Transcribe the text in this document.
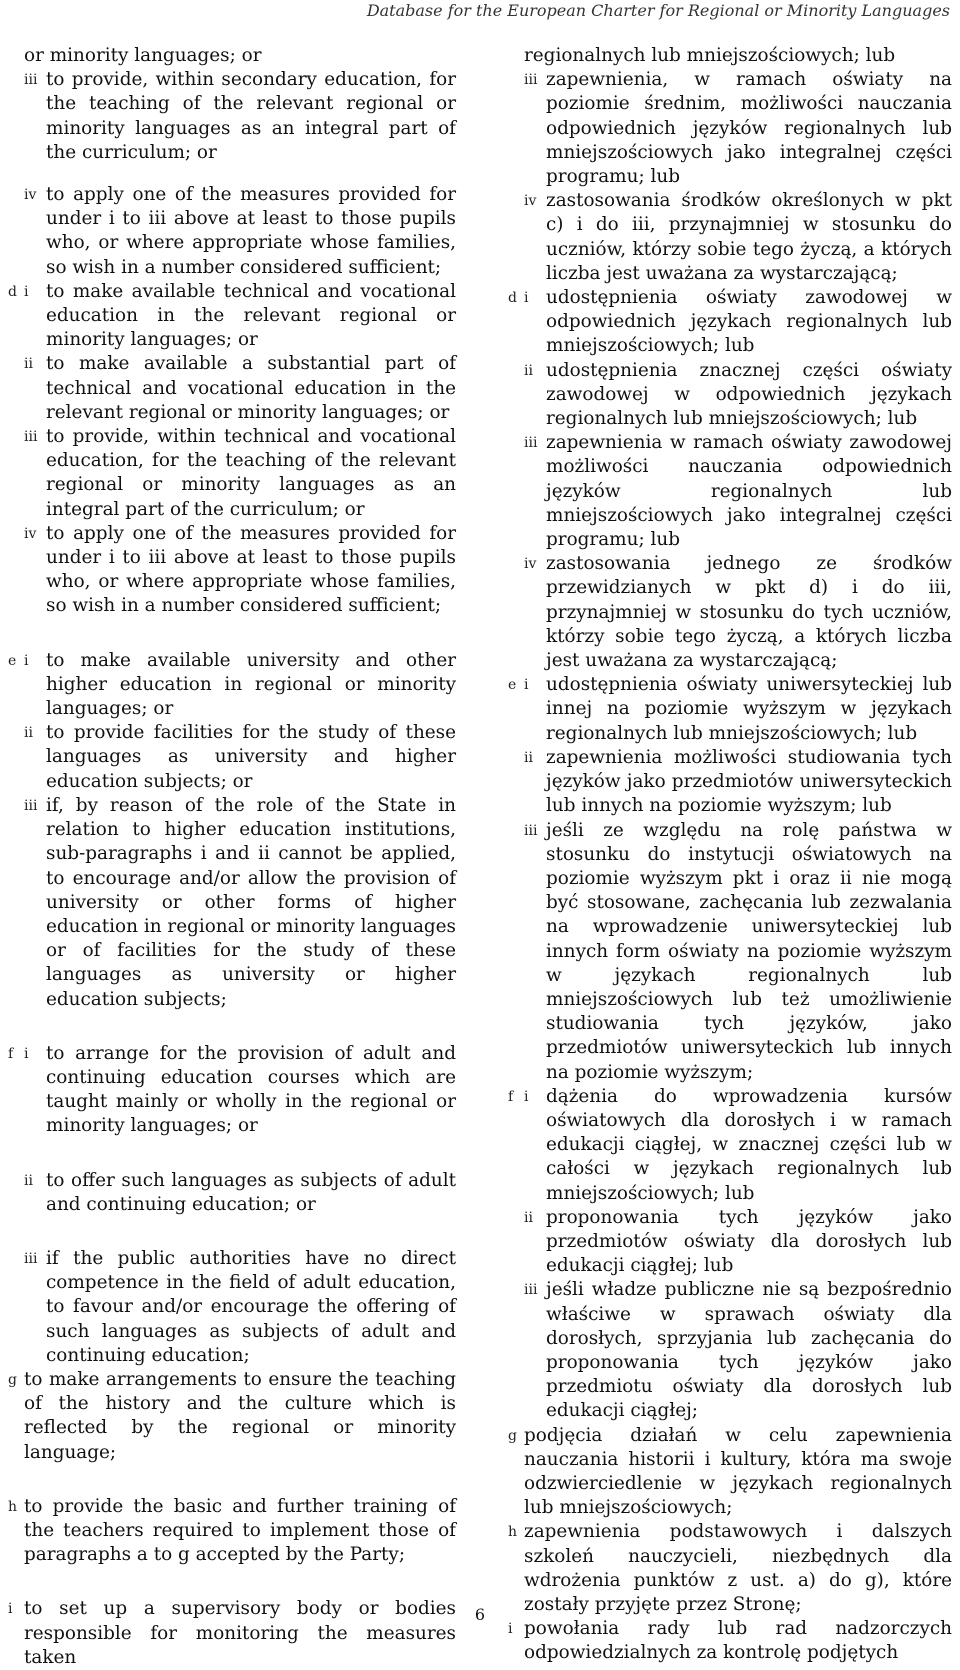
Database for the European Charter for Regional or Minority Languages
or minority languages; or
iii to provide, within secondary education, for the teaching of the relevant regional or minority languages as an integral part of the curriculum; or
iv to apply one of the measures provided for under i to iii above at least to those pupils who, or where appropriate whose families, so wish in a number considered sufficient;
d i to make available technical and vocational education in the relevant regional or minority languages; or
ii to make available a substantial part of technical and vocational education in the relevant regional or minority languages; or
iii to provide, within technical and vocational education, for the teaching of the relevant regional or minority languages as an integral part of the curriculum; or
iv to apply one of the measures provided for under i to iii above at least to those pupils who, or where appropriate whose families, so wish in a number considered sufficient;
e i to make available university and other higher education in regional or minority languages; or
ii to provide facilities for the study of these languages as university and higher education subjects; or
iii if, by reason of the role of the State in relation to higher education institutions, sub-paragraphs i and ii cannot be applied, to encourage and/or allow the provision of university or other forms of higher education in regional or minority languages or of facilities for the study of these languages as university or higher education subjects;
f i to arrange for the provision of adult and continuing education courses which are taught mainly or wholly in the regional or minority languages; or
ii to offer such languages as subjects of adult and continuing education; or
iii if the public authorities have no direct competence in the field of adult education, to favour and/or encourage the offering of such languages as subjects of adult and continuing education;
g to make arrangements to ensure the teaching of the history and the culture which is reflected by the regional or minority language;
h to provide the basic and further training of the teachers required to implement those of paragraphs a to g accepted by the Party;
i to set up a supervisory body or bodies responsible for monitoring the measures taken
regionalnych lub mniejszościowych; lub
iii zapewnienia, w ramach oświaty na poziomie średnim, możliwości nauczania odpowiednich języków regionalnych lub mniejszościowych jako integralnej części programu; lub
iv zastosowania środków określonych w pkt c) i do iii, przynajmniej w stosunku do uczniów, którzy sobie tego życzą, a których liczba jest uważana za wystarczającą;
d i udostępnienia oświaty zawodowej w odpowiednich językach regionalnych lub mniejszościowych; lub
ii udostępnienia znacznej części oświaty zawodowej w odpowiednich językach regionalnych lub mniejszościowych; lub
iii zapewnienia w ramach oświaty zawodowej możliwości nauczania odpowiednich języków regionalnych lub mniejszościowych jako integralnej części programu; lub
iv zastosowania jednego ze środków przewidzianych w pkt d) i do iii, przynajmniej w stosunku do tych uczniów, którzy sobie tego życzą, a których liczba jest uważana za wystarczającą;
e i udostępnienia oświaty uniwersyteckiej lub innej na poziomie wyższym w językach regionalnych lub mniejszościowych; lub
ii zapewnienia możliwości studiowania tych języków jako przedmiotów uniwersyteckich lub innych na poziomie wyższym; lub
iii jeśli ze względu na rolę państwa w stosunku do instytucji oświatowych na poziomie wyższym pkt i oraz ii nie mogą być stosowane, zachęcania lub zezwalania na wprowadzenie uniwersyteckiej lub innych form oświaty na poziomie wyższym w językach regionalnych lub mniejszościowych lub też umożliwienie studiowania tych języków, jako przedmiotów uniwersyteckich lub innych na poziomie wyższym;
f i dążenia do wprowadzenia kursów oświatowych dla dorosłych i w ramach edukacji ciągłej, w znacznej części lub w całości w językach regionalnych lub mniejszościowych; lub
ii proponowania tych języków jako przedmiotów oświaty dla dorosłych lub edukacji ciągłej; lub
iii jeśli władze publiczne nie są bezpośrednio właściwe w sprawach oświaty dla dorosłych, sprzyjania lub zachęcania do proponowania tych języków jako przedmiotu oświaty dla dorosłych lub edukacji ciągłej;
g podjęcia działań w celu zapewnienia nauczania historii i kultury, która ma swoje odzwierciedlenie w językach regionalnych lub mniejszościowych;
h zapewnienia podstawowych i dalszych szkoleń nauczycieli, niezbędnych dla wdrożenia punktów z ust. a) do g), które zostały przyjęte przez Stronę;
i powołania rady lub rad nadzorczych odpowiedzialnych za kontrolę podjętych
6
